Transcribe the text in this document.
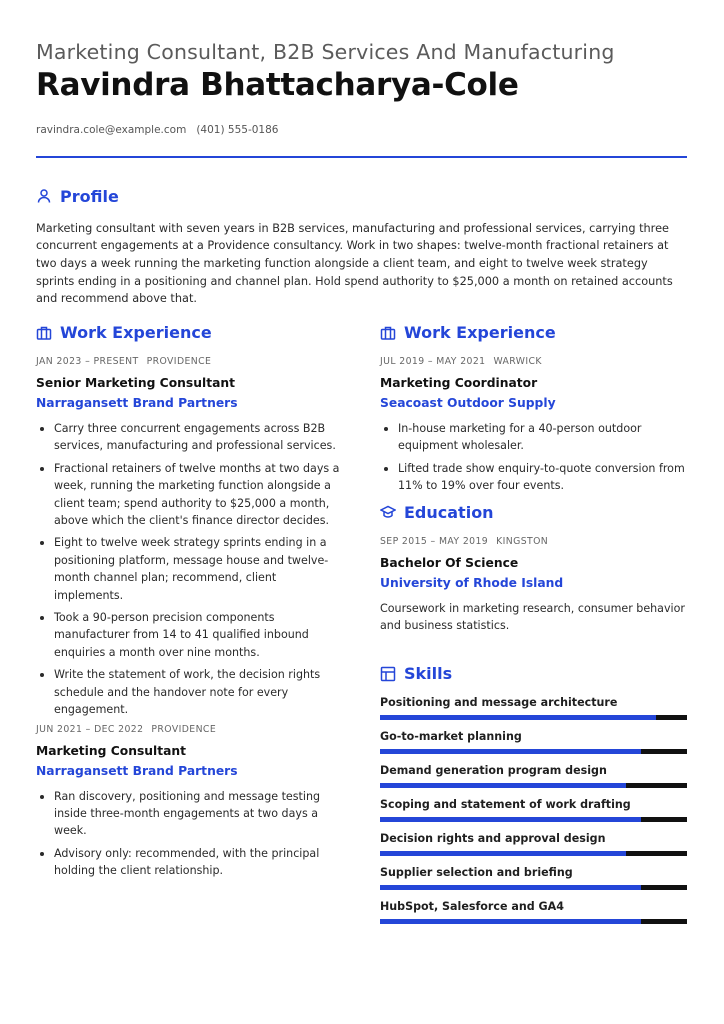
Marketing Consultant, B2B Services And Manufacturing
Ravindra Bhattacharya-Cole
ravindra.cole@example.com (401) 555-0186
Profile
Marketing consultant with seven years in B2B services, manufacturing and professional services, carrying three concurrent engagements at a Providence consultancy. Work in two shapes: twelve-month fractional retainers at two days a week running the marketing function alongside a client team, and eight to twelve week strategy sprints ending in a positioning and channel plan. Hold spend authority to $25,000 a month on retained accounts and recommend above that.
Work Experience
JAN 2023 – PRESENT PROVIDENCE
Senior Marketing Consultant
Narragansett Brand Partners
Carry three concurrent engagements across B2B services, manufacturing and professional services.
Fractional retainers of twelve months at two days a week, running the marketing function alongside a client team; spend authority to $25,000 a month, above which the client's finance director decides.
Eight to twelve week strategy sprints ending in a positioning platform, message house and twelve-month channel plan; recommend, client implements.
Took a 90-person precision components manufacturer from 14 to 41 qualified inbound enquiries a month over nine months.
Write the statement of work, the decision rights schedule and the handover note for every engagement.
JUN 2021 – DEC 2022 PROVIDENCE
Marketing Consultant
Narragansett Brand Partners
Ran discovery, positioning and message testing inside three-month engagements at two days a week.
Advisory only: recommended, with the principal holding the client relationship.
Work Experience
JUL 2019 – MAY 2021 WARWICK
Marketing Coordinator
Seacoast Outdoor Supply
In-house marketing for a 40-person outdoor equipment wholesaler.
Lifted trade show enquiry-to-quote conversion from 11% to 19% over four events.
Education
SEP 2015 – MAY 2019 KINGSTON
Bachelor Of Science
University of Rhode Island
Coursework in marketing research, consumer behavior and business statistics.
Skills
Positioning and message architecture
Go-to-market planning
Demand generation program design
Scoping and statement of work drafting
Decision rights and approval design
Supplier selection and briefing
HubSpot, Salesforce and GA4
